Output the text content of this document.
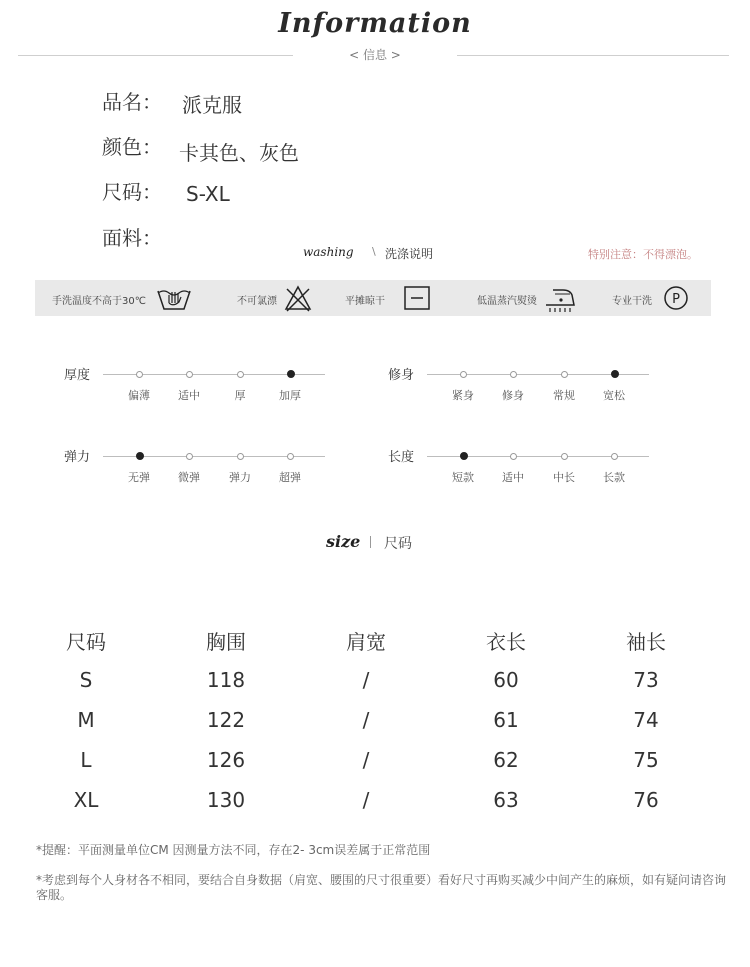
Information
< 信息 >
品名： 派克服
颜色： 卡其色、灰色
尺码： S-XL
面料：
washing \ 洗涤说明	特别注意：不得漂泡。
手洗温度不高于30℃	不可氯漂	平摊晾干	低温蒸汽熨烫	专业干洗 P
厚度
偏薄	适中	厚	加厚
修身
紧身	修身	常规	宽松
弹力
无弹	微弹	弹力	超弹
长度
短款	适中	中长	长款
size 尺码
尺码	胸围	肩宽	衣长	袖长
S	118	/	60	73
M	122	/	61	74
L	126	/	62	75
XL	130	/	63	76
*提醒：平面测量单位CM 因测量方法不同，存在2- 3cm误差属于正常范围
*考虑到每个人身材各不相同，要结合自身数据（肩宽、腰围的尺寸很重要）看好尺寸再购买减少中间产生的麻烦，如有疑问请咨询客服。
